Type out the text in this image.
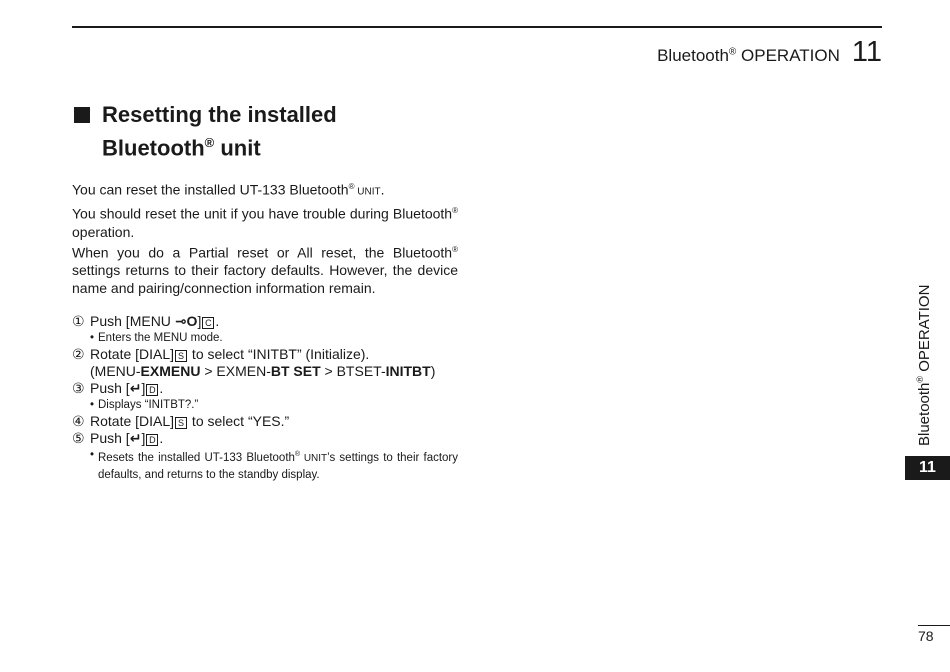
Bluetooth® OPERATION 11
Resetting the installed
Bluetooth® unit

You can reset the installed UT-133 Bluetooth® UNIT.

You should reset the unit if you have trouble during Bluetooth® operation.

When you do a Partial reset or All reset, the Bluetooth® settings returns to their factory defaults. However, the device name and pairing/connection information remain.

① Push [MENU ⊸O] C .
• Enters the MENU mode.
② Rotate [DIAL] S to select “INITBT” (Initialize).
(MENU-EXMENU > EXMEN-BT SET > BTSET-INITBT)
③ Push [↵] D .
• Displays “INITBT?.”
④ Rotate [DIAL] S to select “YES.”
⑤ Push [↵] D .
• Resets the installed UT-133 Bluetooth® UNIT’s settings to their factory defaults, and returns to the standby display.
Bluetooth® OPERATION
11
78
